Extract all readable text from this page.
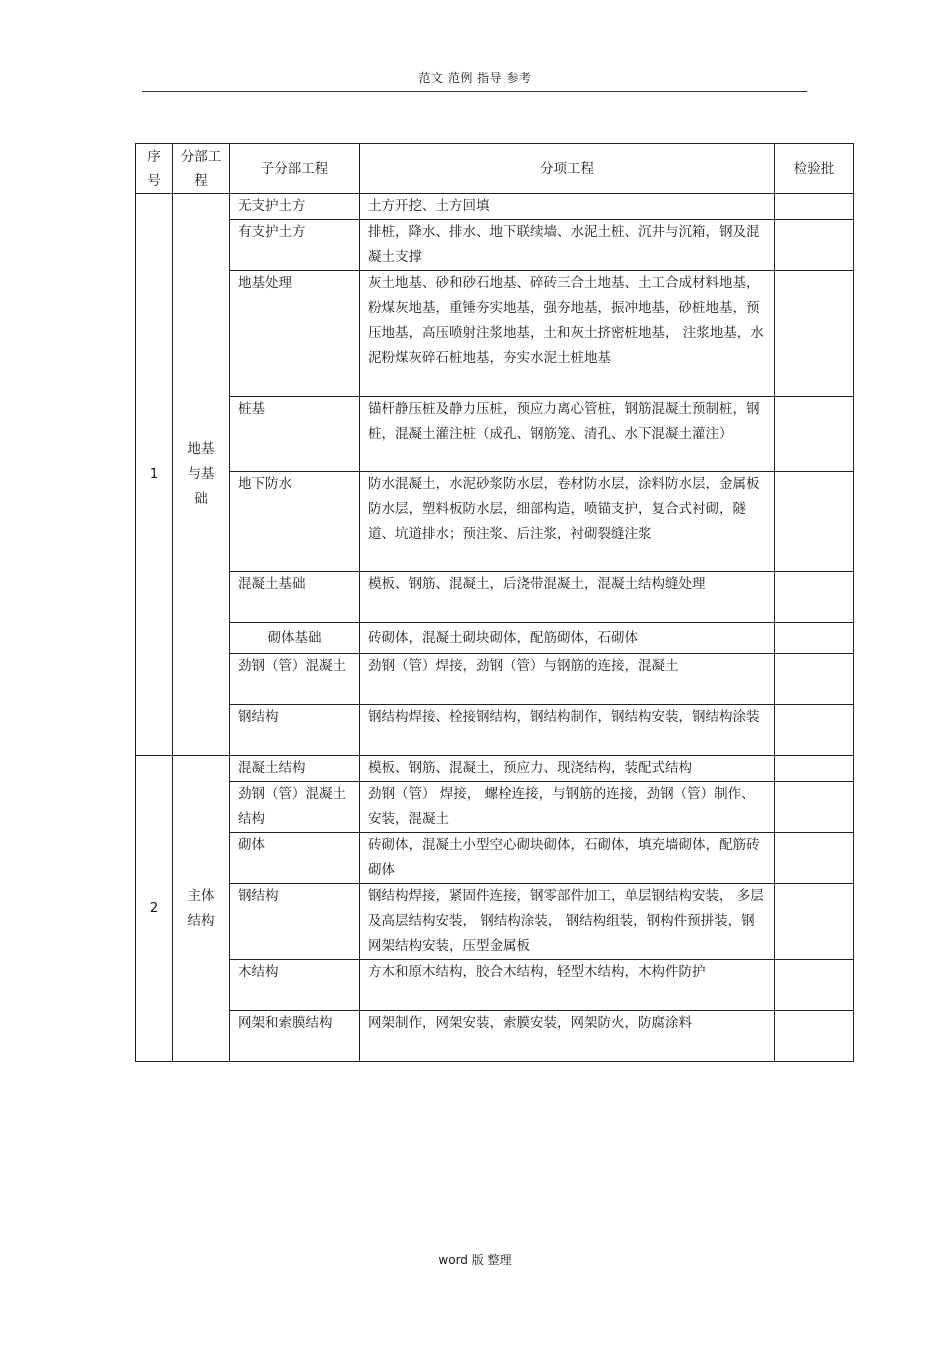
范文 范例 指导 参考
序号	分部工程	子分部工程	分项工程	检验批
1	地基与基础	无支护土方	土方开挖、土方回填	
		有支护土方	排桩，降水、排水、地下联续墙、水泥土桩、沉井与沉箱，钢及混凝土支撑	
		地基处理	灰土地基、砂和砂石地基、碎砖三合土地基、土工合成材料地基，粉煤灰地基，重锤夯实地基，强夯地基，振冲地基，砂桩地基，预压地基，高压喷射注浆地基，土和灰土挤密桩地基， 注浆地基，水泥粉煤灰碎石桩地基，夯实水泥土桩地基	
		桩基	锚杆静压桩及静力压桩，预应力离心管桩，钢筋混凝土预制桩，钢桩，混凝土灌注桩（成孔、钢筋笼、清孔、水下混凝土灌注）	
		地下防水	防水混凝土，水泥砂浆防水层，卷材防水层，涂料防水层，金属板防水层，塑料板防水层，细部构造，喷锚支护，复合式衬砌，隧道、坑道排水；预注浆、后注浆，衬砌裂缝注浆	
		混凝土基础	模板、钢筋、混凝土，后浇带混凝土，混凝土结构缝处理	
		砌体基础	砖砌体，混凝土砌块砌体，配筋砌体，石砌体	
		劲钢（管）混凝土	劲钢（管）焊接，劲钢（管）与钢筋的连接，混凝土	
		钢结构	钢结构焊接、栓接钢结构，钢结构制作，钢结构安装，钢结构涂装	
2	主体结构	混凝土结构	模板、钢筋、混凝土，预应力、现浇结构，装配式结构	
		劲钢（管）混凝土结构	劲钢（管） 焊接， 螺栓连接，与钢筋的连接，劲钢（管）制作、安装，混凝土	
		砌体	砖砌体，混凝土小型空心砌块砌体，石砌体，填充墙砌体，配筋砖砌体	
		钢结构	钢结构焊接，紧固件连接，钢零部件加工，单层钢结构安装， 多层及高层结构安装， 钢结构涂装， 钢结构组装，钢构件预拼装，钢网架结构安装，压型金属板	
		木结构	方木和原木结构，胶合木结构，轻型木结构，木构件防护	
		网架和索膜结构	网架制作，网架安装，索膜安装，网架防火，防腐涂料	
word 版 整理
